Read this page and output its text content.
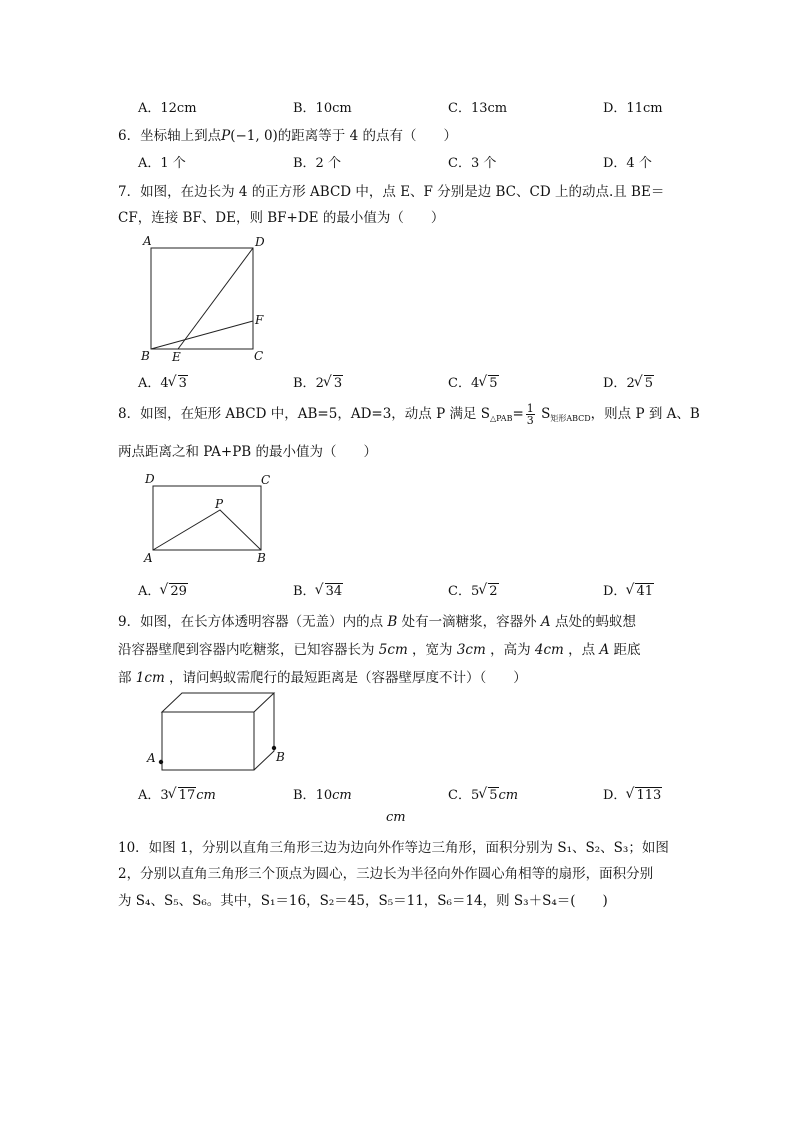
A．12cm	B．10cm	C．13cm	D．11cm
6．坐标轴上到点P(−1, 0)的距离等于 4 的点有（　　）
A．1 个	B．2 个	C．3 个	D．4 个
7．如图，在边长为 4 的正方形 ABCD 中，点 E、F 分别是边 BC、CD 上的动点.且 BE＝
CF，连接 BF、DE，则 BF+DE 的最小值为（　　）
A	D
F
B E	C
A．4 √ 3	B．2 √ 3	C．4 √ 5	D．2 √ 5
8．如图，在矩形 ABCD 中，AB=5，AD=3，动点 P 满足 $S_{\triangle PAB}= \frac{1}{3} S_{矩形ABCD}$，则点 P 到 A、B
两点距离之和 PA+PB 的最小值为（　　）
D	C
P
A	B
A． √ 29	B． √ 34	C．5 √ 2	D． √ 41
9．如图，在长方体透明容器（无盖）内的点 B 处有一滴糖浆，容器外 A 点处的蚂蚁想
沿容器壁爬到容器内吃糖浆，已知容器长为 5cm ，宽为 3cm ，高为 4cm ，点 A 距底
部 1cm ，请问蚂蚁需爬行的最短距离是（容器壁厚度不计）（　　）
A	B
A．3 √ 17cm	B．10cm	C．5 √ 5cm	D． √ 113
cm
10．如图 1，分别以直角三角形三边为边向外作等边三角形，面积分别为 S₁、S₂、S₃；如图
2，分别以直角三角形三个顶点为圆心，三边长为半径向外作圆心角相等的扇形，面积分别
为 S₄、S₅、S₆。其中，S₁＝16，S₂＝45，S₅＝11，S₆＝14，则 S₃＋S₄＝(　　)
